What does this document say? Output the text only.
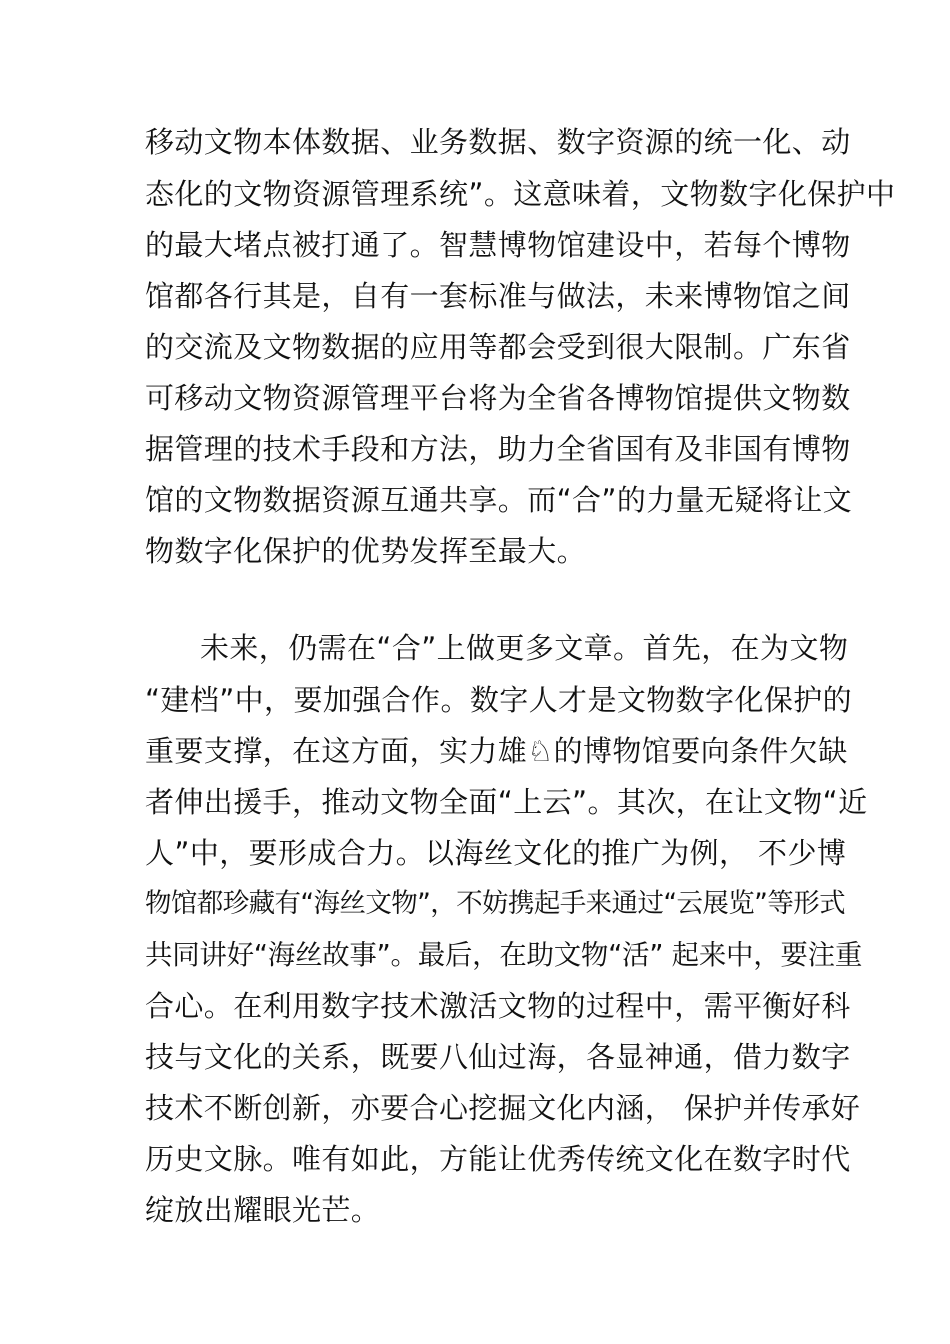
移动文物本体数据、业务数据、数字资源的统一化、动
态化的文物资源管理系统”。这意味着，文物数字化保护中
的最大堵点被打通了。智慧博物馆建设中，若每个博物
馆都各行其是，自有一套标准与做法，未来博物馆之间
的交流及文物数据的应用等都会受到很大限制。广东省
可移动文物资源管理平台将为全省各博物馆提供文物数
据管理的技术手段和方法，助力全省国有及非国有博物
馆的文物数据资源互通共享。而“合”的力量无疑将让文
物数字化保护的优势发挥至最大。
未来，仍需在“合”上做更多文章。首先，在为文物
“建档”中，要加强合作。数字人才是文物数字化保护的
重要支撑，在这方面，实力雄♘的博物馆要向条件欠缺
者伸出援手，推动文物全面“上云”。其次，在让文物“近
人”中，要形成合力。以海丝文化的推广为例， 不少博
物馆都珍藏有“海丝文物”，不妨携起手来通过“云展览”等形式
共同讲好“海丝故事”。最后，在助文物“活” 起来中，要注重
合心。在利用数字技术激活文物的过程中，需平衡好科
技与文化的关系，既要八仙过海，各显神通，借力数字
技术不断创新，亦要合心挖掘文化内涵， 保护并传承好
历史文脉。唯有如此，方能让优秀传统文化在数字时代
绽放出耀眼光芒。
